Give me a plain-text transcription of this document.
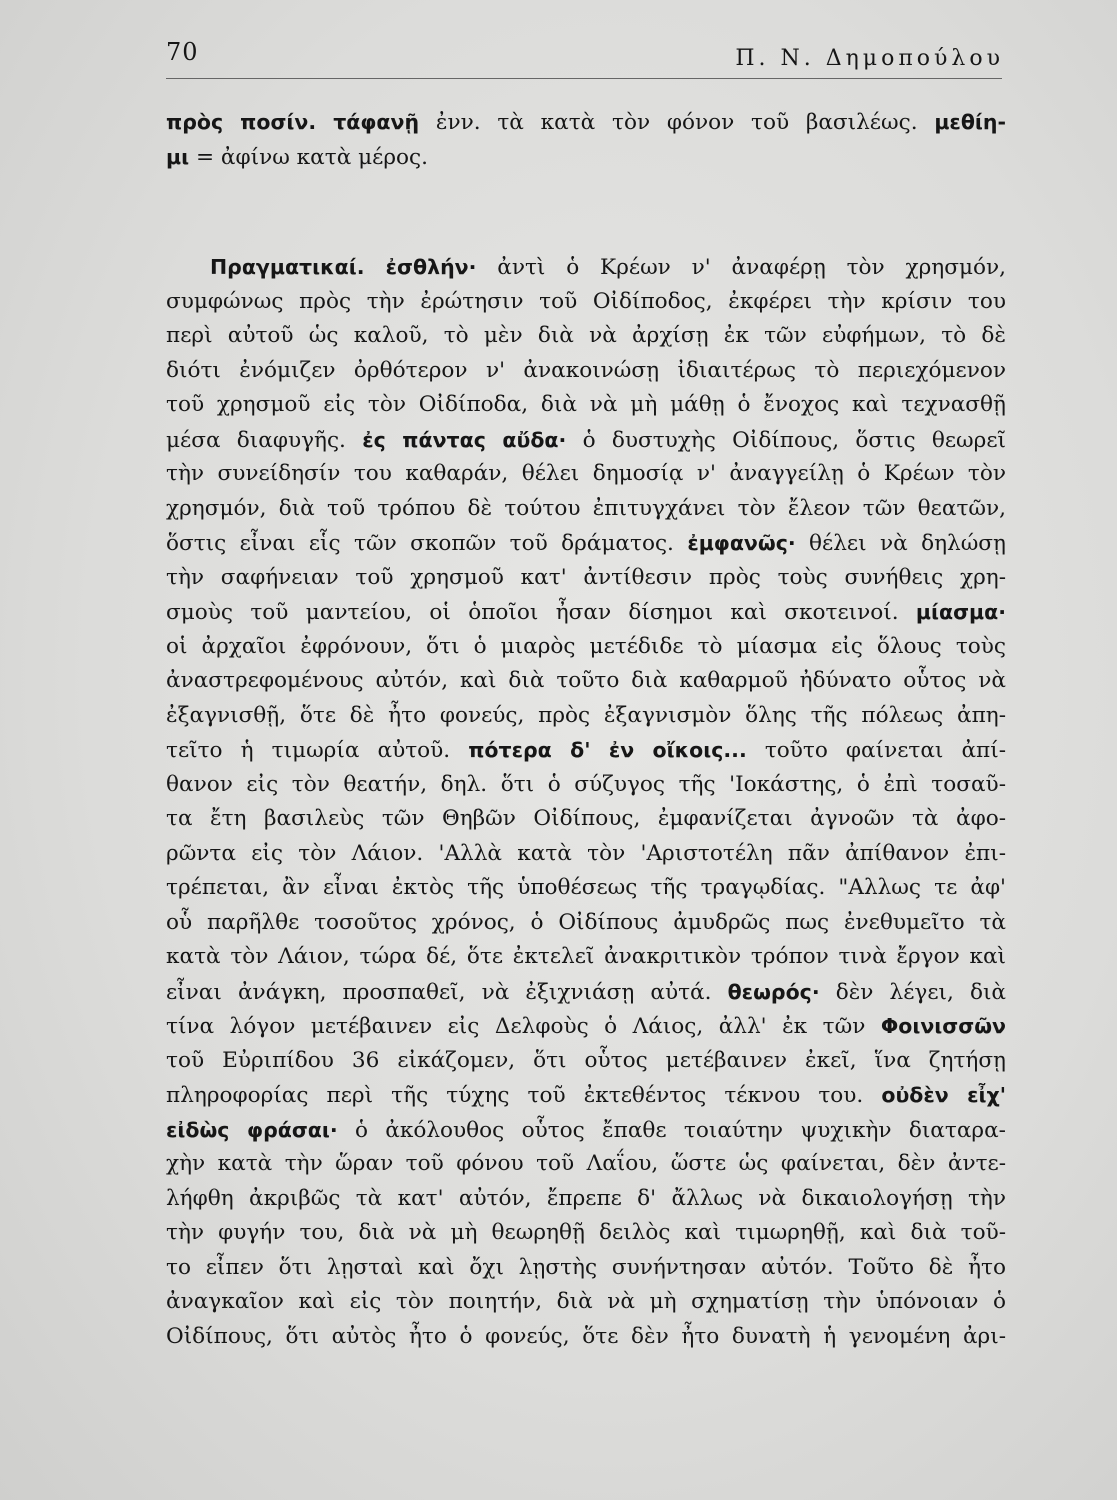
70	Π. Ν. Δημοπούλου
πρὸς ποσίν. τάφανῇ ἐνν. τὰ κατὰ τὸν φόνον τοῦ βασιλέως. μεθίη-
μι = ἀφίνω κατὰ μέρος.
Πραγματικαί. ἐσθλήν· ἀντὶ ὁ Κρέων ν' ἀναφέρῃ τὸν χρησμόν,
συμφώνως πρὸς τὴν ἐρώτησιν τοῦ Οἰδίποδος, ἐκφέρει τὴν κρίσιν του
περὶ αὐτοῦ ὡς καλοῦ, τὸ μὲν διὰ νὰ ἀρχίσῃ ἐκ τῶν εὐφήμων, τὸ δὲ
διότι ἐνόμιζεν ὀρθότερον ν' ἀνακοινώσῃ ἰδιαιτέρως τὸ περιεχόμενον
τοῦ χρησμοῦ εἰς τὸν Οἰδίποδα, διὰ νὰ μὴ μάθῃ ὁ ἔνοχος καὶ τεχνασθῇ
μέσα διαφυγῆς. ἐς πάντας αὔδα· ὁ δυστυχὴς Οἰδίπους, ὅστις θεωρεῖ
τὴν συνείδησίν του καθαράν, θέλει δημοσίᾳ ν' ἀναγγείλῃ ὁ Κρέων τὸν
χρησμόν, διὰ τοῦ τρόπου δὲ τούτου ἐπιτυγχάνει τὸν ἔλεον τῶν θεατῶν,
ὅστις εἶναι εἷς τῶν σκοπῶν τοῦ δράματος. ἐμφανῶς· θέλει νὰ δηλώσῃ
τὴν σαφήνειαν τοῦ χρησμοῦ κατ' ἀντίθεσιν πρὸς τοὺς συνήθεις χρη-
σμοὺς τοῦ μαντείου, οἱ ὁποῖοι ἦσαν δίσημοι καὶ σκοτεινοί. μίασμα·
οἱ ἀρχαῖοι ἐφρόνουν, ὅτι ὁ μιαρὸς μετέδιδε τὸ μίασμα εἰς ὅλους τοὺς
ἀναστρεφομένους αὐτόν, καὶ διὰ τοῦτο διὰ καθαρμοῦ ἠδύνατο οὗτος νὰ
ἐξαγνισθῇ, ὅτε δὲ ἦτο φονεύς, πρὸς ἐξαγνισμὸν ὅλης τῆς πόλεως ἀπη-
τεῖτο ἡ τιμωρία αὐτοῦ. πότερα δ' ἐν οἴκοις... τοῦτο φαίνεται ἀπί-
θανον εἰς τὸν θεατήν, δηλ. ὅτι ὁ σύζυγος τῆς 'Ιοκάστης, ὁ ἐπὶ τοσαῦ-
τα ἔτη βασιλεὺς τῶν Θηβῶν Οἰδίπους, ἐμφανίζεται ἀγνοῶν τὰ ἀφο-
ρῶντα εἰς τὸν Λάιον. 'Αλλὰ κατὰ τὸν 'Αριστοτέλη πᾶν ἀπίθανον ἐπι-
τρέπεται, ἂν εἶναι ἐκτὸς τῆς ὑποθέσεως τῆς τραγῳδίας. "Αλλως τε ἀφ'
οὗ παρῆλθε τοσοῦτος χρόνος, ὁ Οἰδίπους ἀμυδρῶς πως ἐνεθυμεῖτο τὰ
κατὰ τὸν Λάιον, τώρα δέ, ὅτε ἐκτελεῖ ἀνακριτικὸν τρόπον τινὰ ἔργον καὶ
εἶναι ἀνάγκη, προσπαθεῖ, νὰ ἐξιχνιάσῃ αὐτά. θεωρός· δὲν λέγει, διὰ
τίνα λόγον μετέβαινεν εἰς Δελφοὺς ὁ Λάιος, ἀλλ' ἐκ τῶν Φοινισσῶν
τοῦ Εὐριπίδου 36 εἰκάζομεν, ὅτι οὗτος μετέβαινεν ἐκεῖ, ἵνα ζητήσῃ
πληροφορίας περὶ τῆς τύχης τοῦ ἐκτεθέντος τέκνου του. οὐδὲν εἶχ'
εἰδὼς φράσαι· ὁ ἀκόλουθος οὗτος ἔπαθε τοιαύτην ψυχικὴν διαταρα-
χὴν κατὰ τὴν ὥραν τοῦ φόνου τοῦ Λαΐου, ὥστε ὡς φαίνεται, δὲν ἀντε-
λήφθη ἀκριβῶς τὰ κατ' αὐτόν, ἔπρεπε δ' ἄλλως νὰ δικαιολογήσῃ τὴν
τὴν φυγήν του, διὰ νὰ μὴ θεωρηθῇ δειλὸς καὶ τιμωρηθῇ, καὶ διὰ τοῦ-
το εἶπεν ὅτι λῃσταὶ καὶ ὄχι λῃστὴς συνήντησαν αὐτόν. Τοῦτο δὲ ἦτο
ἀναγκαῖον καὶ εἰς τὸν ποιητήν, διὰ νὰ μὴ σχηματίσῃ τὴν ὑπόνοιαν ὁ
Οἰδίπους, ὅτι αὐτὸς ἦτο ὁ φονεύς, ὅτε δὲν ἦτο δυνατὴ ἡ γενομένη ἀρι-
